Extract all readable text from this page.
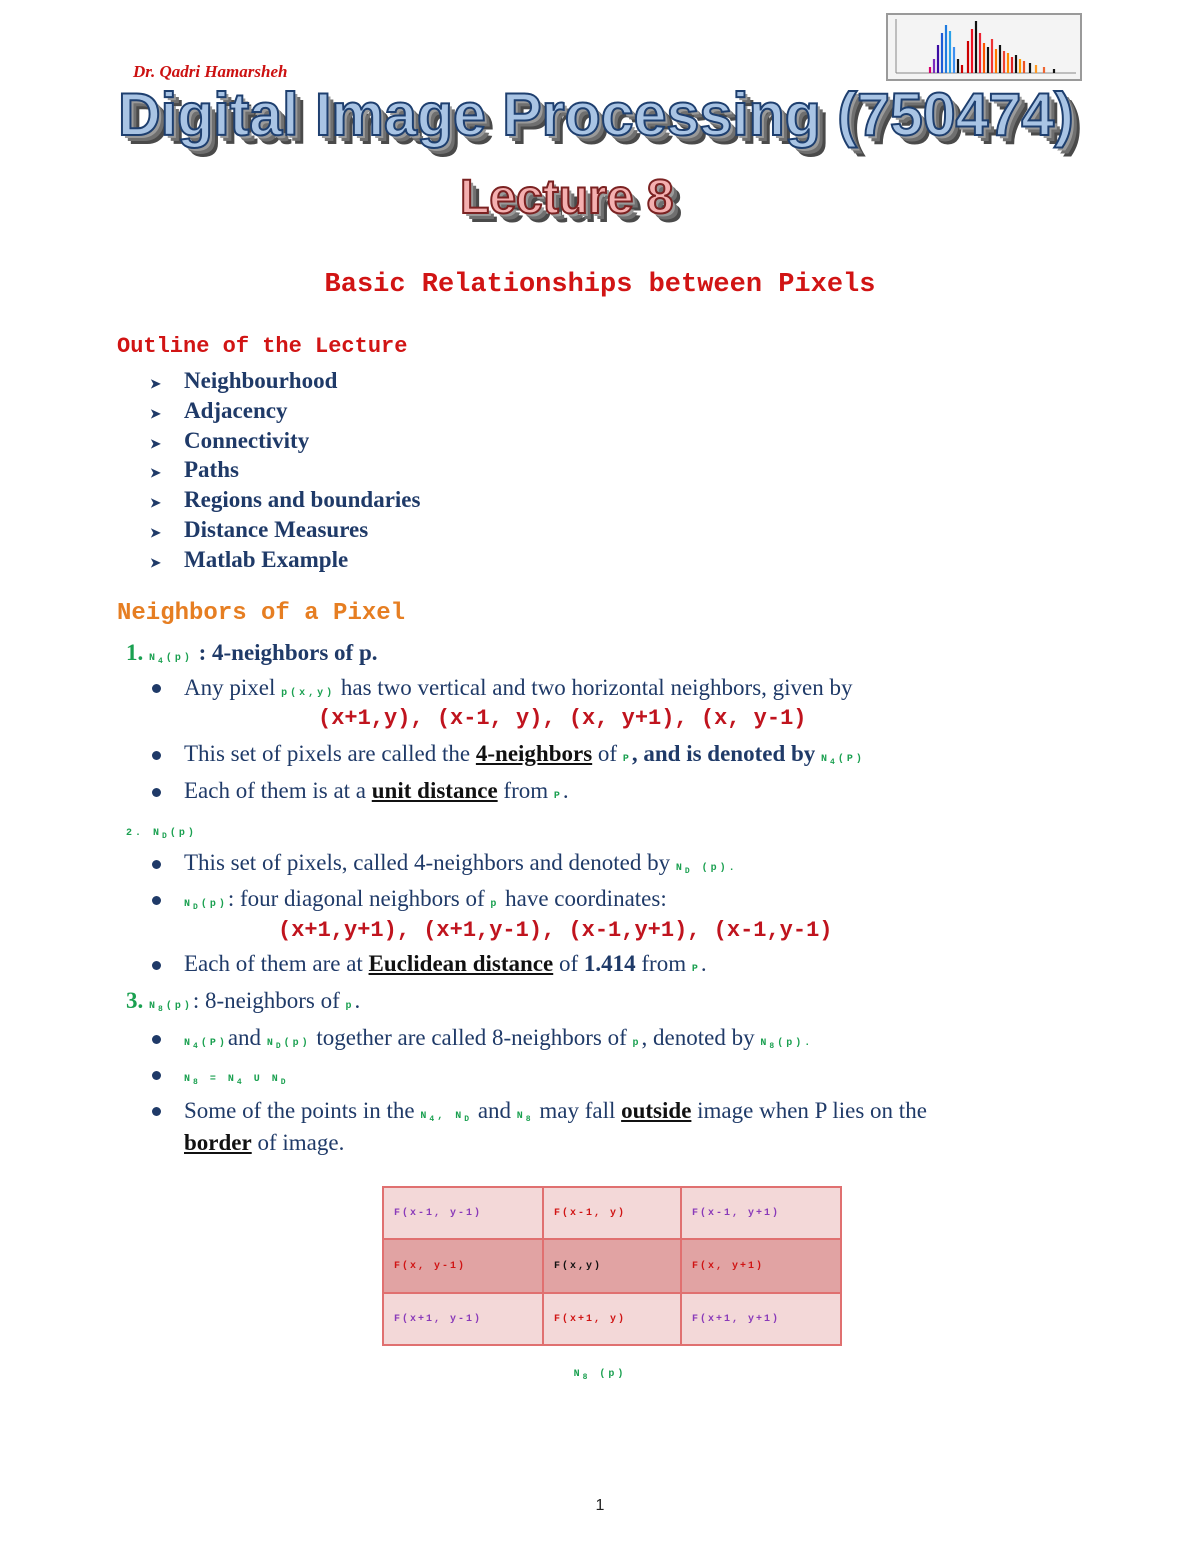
Dr. Qadri Hamarsheh
Digital Image Processing (750474)
Lecture 8
Basic Relationships between Pixels
Outline of the Lecture
➤ Neighbourhood
➤ Adjacency
➤ Connectivity
➤ Paths
➤ Regions and boundaries
➤ Distance Measures
➤ Matlab Example
Neighbors of a Pixel
1. $N_4(p)$ : 4-neighbors of p.
Any pixel p(x,y) has two vertical and two horizontal neighbors, given by
(x+1,y), (x-1, y), (x, y+1), (x, y-1)
This set of pixels are called the 4-neighbors of P, and is denoted by $N_4(P)$
Each of them is at a unit distance from P.
2. $N_D(p)$
This set of pixels, called 4-neighbors and denoted by $N_D$ (p).
$N_D(p)$: four diagonal neighbors of p have coordinates:
(x+1,y+1), (x+1,y-1), (x-1,y+1), (x-1,y-1)
Each of them are at Euclidean distance of 1.414 from P.
3. $N_8(p)$: 8-neighbors of p.
$N_4(P)and$ $N_D(p)$ together are called 8-neighbors of p, denoted by $N_8(p)$.
$N_8 = N_4$ U $N_D$
Some of the points in the $N_4$, $N_D$ and $N_8$ may fall outside image when P lies on the
border of image.
F(x-1, y-1)	F(x-1, y)	F(x-1, y+1)
F(x, y-1)	F(x,y)	F(x, y+1)
F(x+1, y-1)	F(x+1, y)	F(x+1, y+1)
$N_8$ (p)
1
